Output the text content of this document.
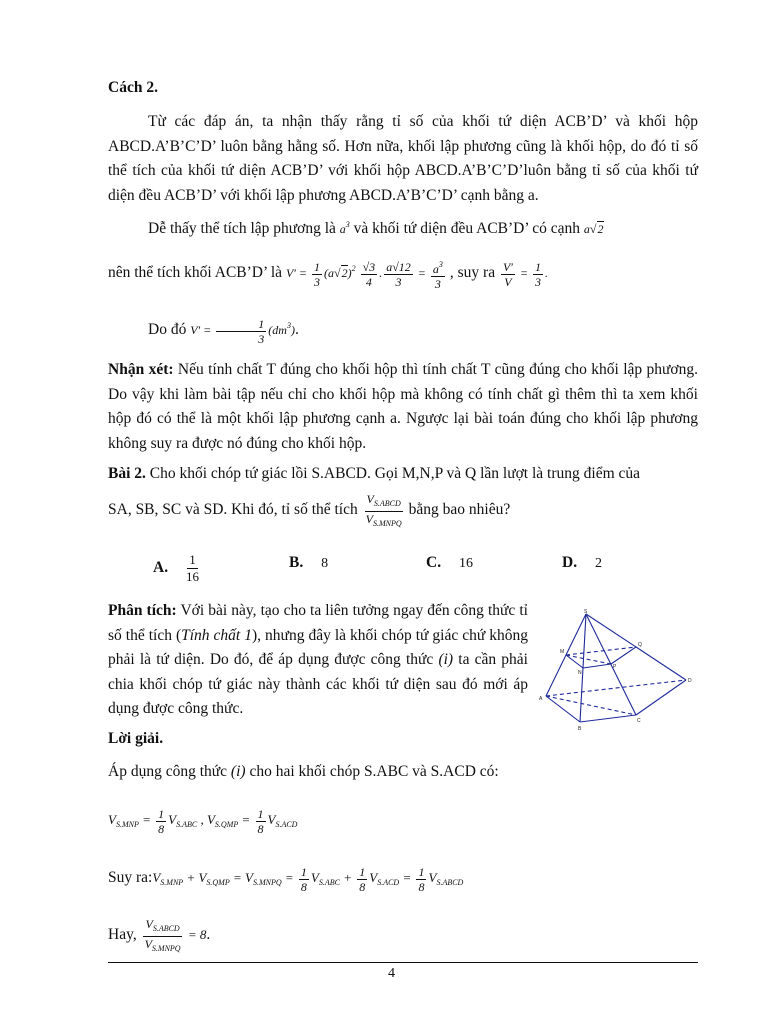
Cách 2.
Từ các đáp án, ta nhận thấy rằng tỉ số của khối tứ diện ACB’D’ và khối hộp ABCD.A’B’C’D’ luôn bằng hằng số. Hơn nữa, khối lập phương cũng là khối hộp, do đó tỉ số thể tích của khối tứ diện ACB’D’ với khối hộp ABCD.A’B’C’D’luôn bằng tỉ số của khối tứ diện đều ACB’D’ với khối lập phương ABCD.A’B’C’D’ cạnh bằng a.
Dễ thấy thể tích lập phương là $a^3$ và khối tứ diện đều ACB’D’ có cạnh a√2
nên thể tích khối ACB’D’ là $V' = \frac{1}{3} (a√2)^2 \frac{√3}{4}$ . $\frac{a√12}{3} = \frac{a^3}{3}$ , suy ra $\frac{V'}{V} = \frac{1}{3}$ .
Do đó $V' = \frac{1}{3} (dm^3)$.
Nhận xét: Nếu tính chất T đúng cho khối hộp thì tính chất T cũng đúng cho khối lập phương. Do vậy khi làm bài tập nếu chỉ cho khối hộp mà không có tính chất gì thêm thì ta xem khối hộp đó có thể là một khối lập phương cạnh a. Ngược lại bài toán đúng cho khối lập phương không suy ra được nó đúng cho khối hộp.
Bài 2. Cho khối chóp tứ giác lồi S.ABCD. Gọi M,N,P và Q lần lượt là trung điểm của
SA, SB, SC và SD. Khi đó, tỉ số thể tích $\frac{V_{S.ABCD}}{V_{S.MNPQ}}$ bằng bao nhiêu?
A. $\frac{1}{16}$	B. 8	C. 16	D. 2
Phân tích: Với bài này, tạo cho ta liên tưởng ngay đến công thức tỉ số thể tích (Tính chất 1), nhưng đây là khối chóp tứ giác chứ không phải là tứ diện. Do đó, để áp dụng được công thức (i) ta cần phải chia khối chóp tứ giác này thành các khối tứ diện sau đó mới áp dụng được công thức.
S
M
N
P
Q
A
B
C
D
Lời giải.
Áp dụng công thức (i) cho hai khối chóp S.ABC và S.ACD có:
$V_{S.MNP} = \frac{1}{8} V_{S.ABC}$ , $V_{S.QMP} = \frac{1}{8} V_{S.ACD}$
Suy $ra:V_{S.MNP} + V_{S.QMP} = V_{S.MNPQ} = \frac{1}{8} V_{S.ABC} + \frac{1}{8} V_{S.ACD} = \frac{1}{8} V_{S.ABCD}$
Hay, $\frac{V_{S.ABCD}}{V_{S.MNPQ}} = 8$.
4
